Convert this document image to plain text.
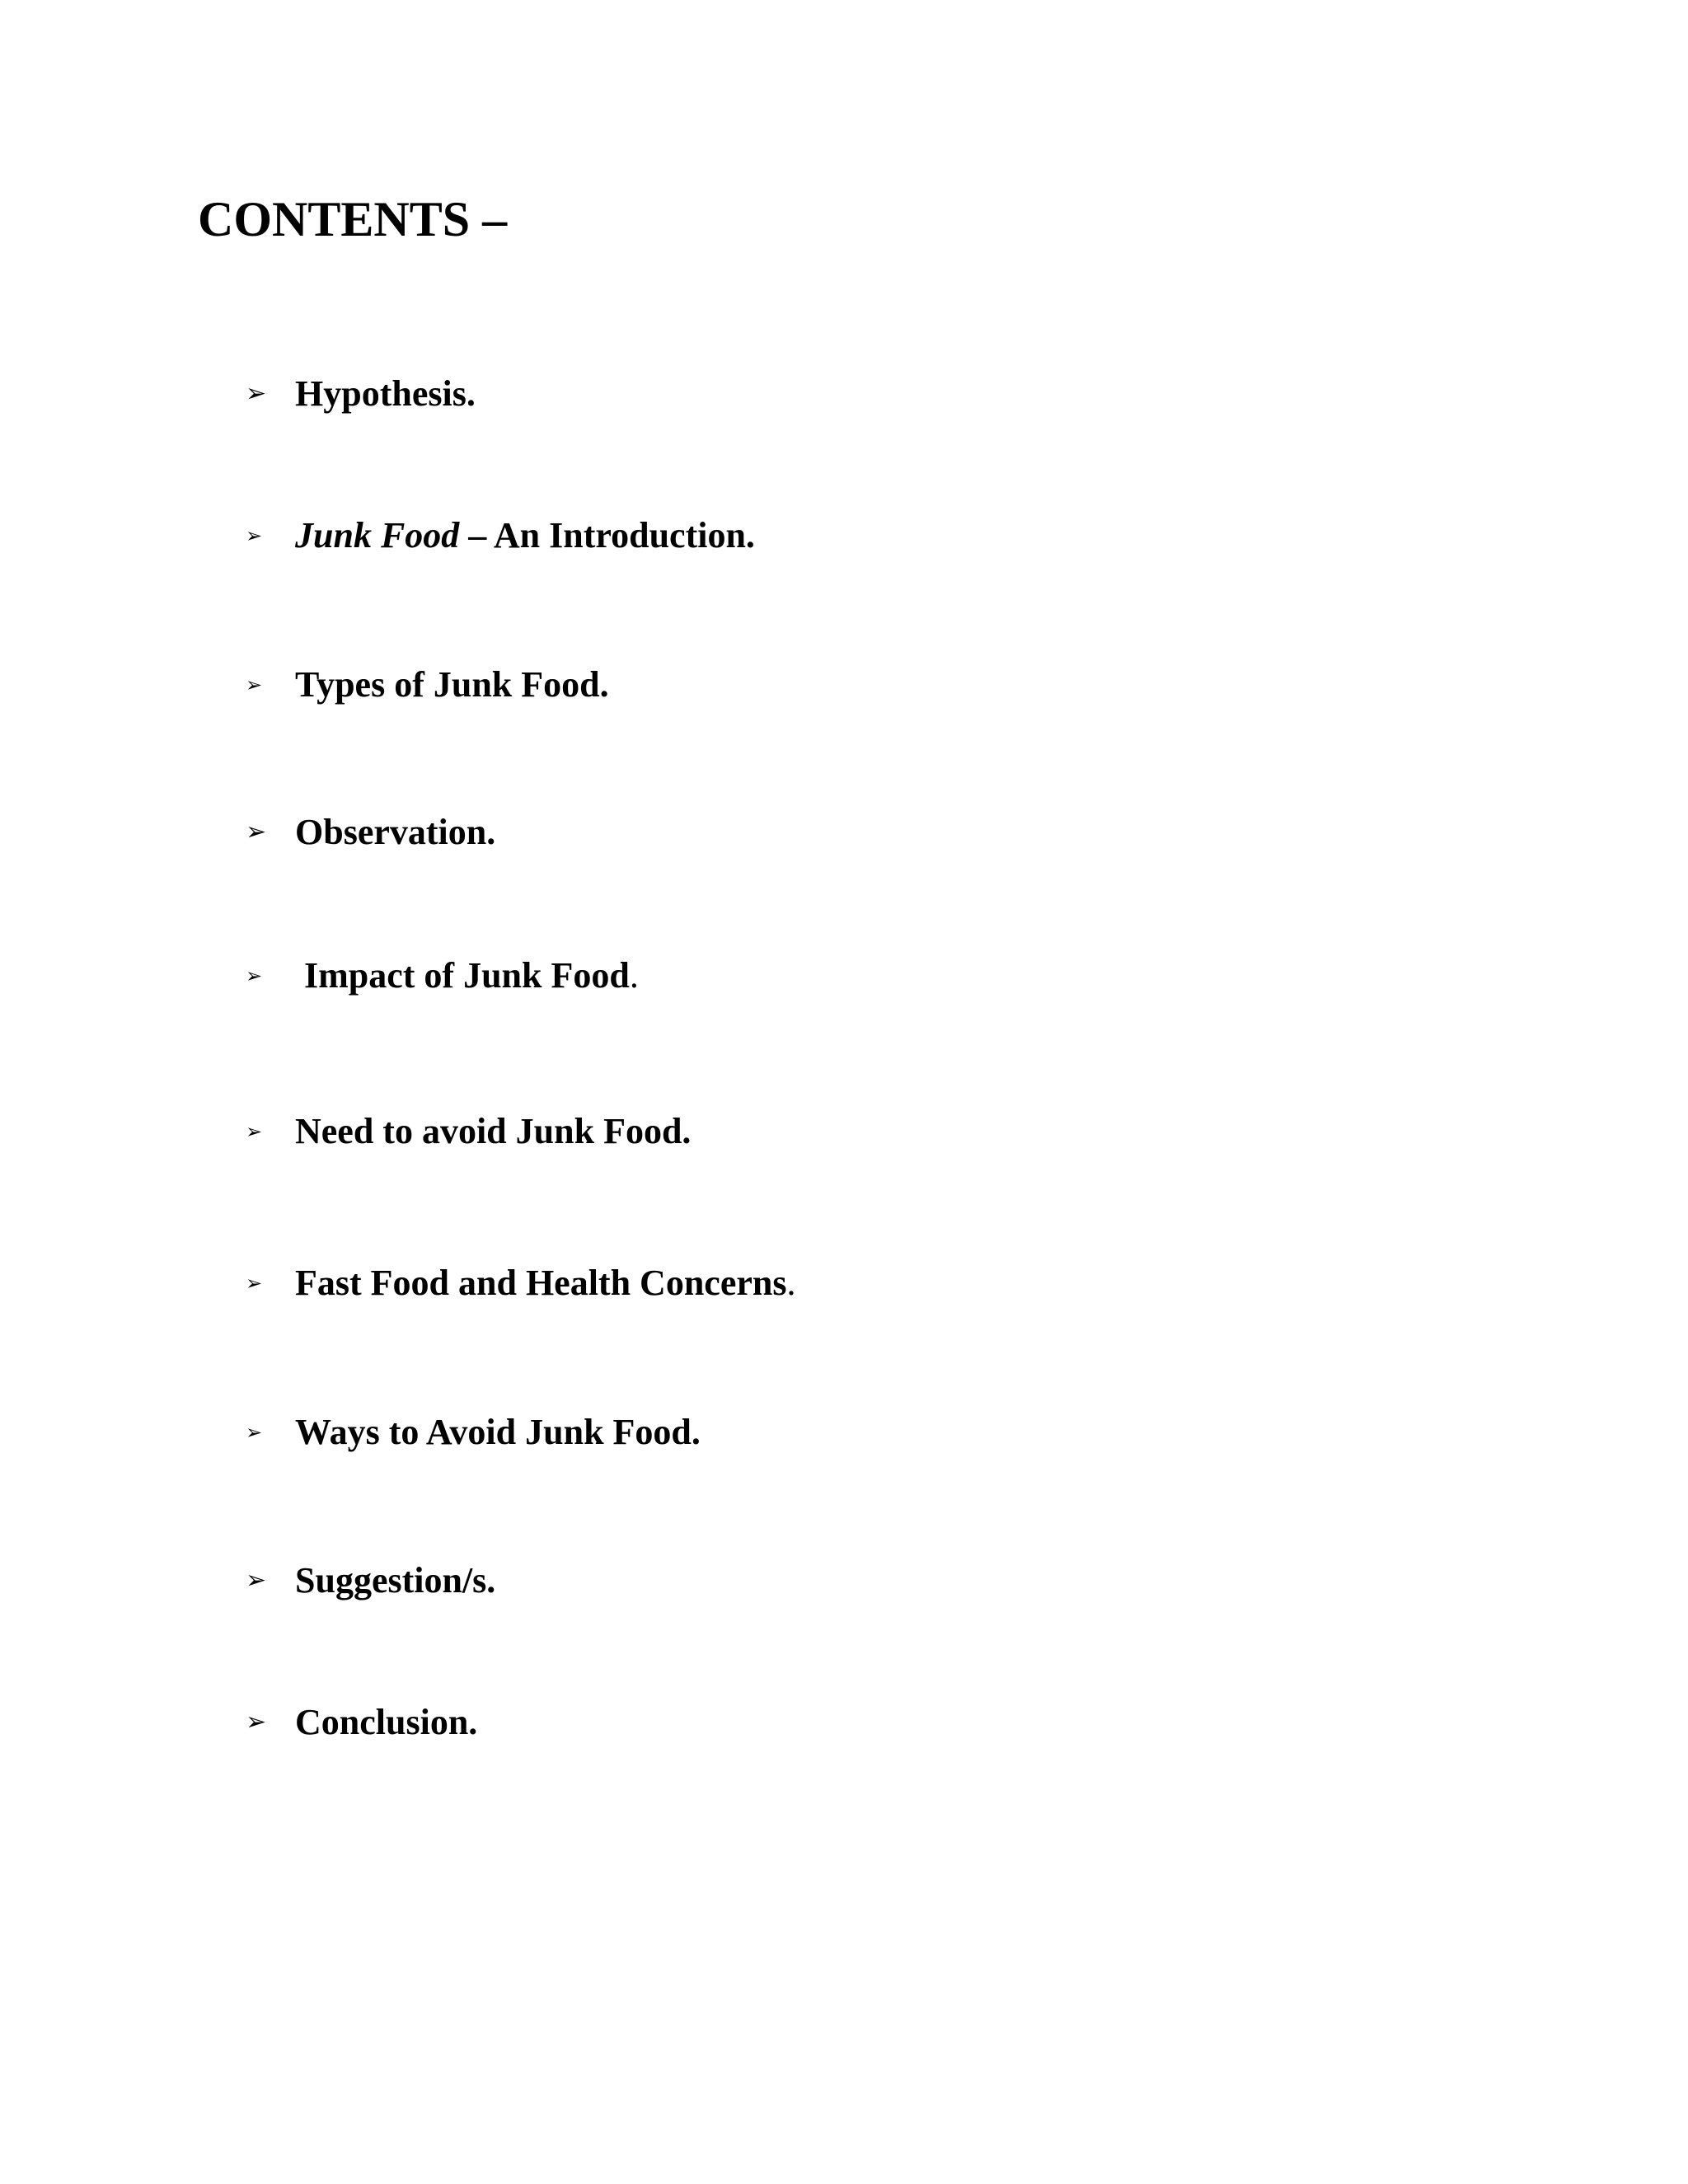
CONTENTS –
➢ Hypothesis.
➢ Junk Food – An Introduction.
➢ Types of Junk Food.
➢ Observation.
➢ Impact of Junk Food.
➢ Need to avoid Junk Food.
➢ Fast Food and Health Concerns.
➢ Ways to Avoid Junk Food.
➢ Suggestion/s.
➢ Conclusion.
